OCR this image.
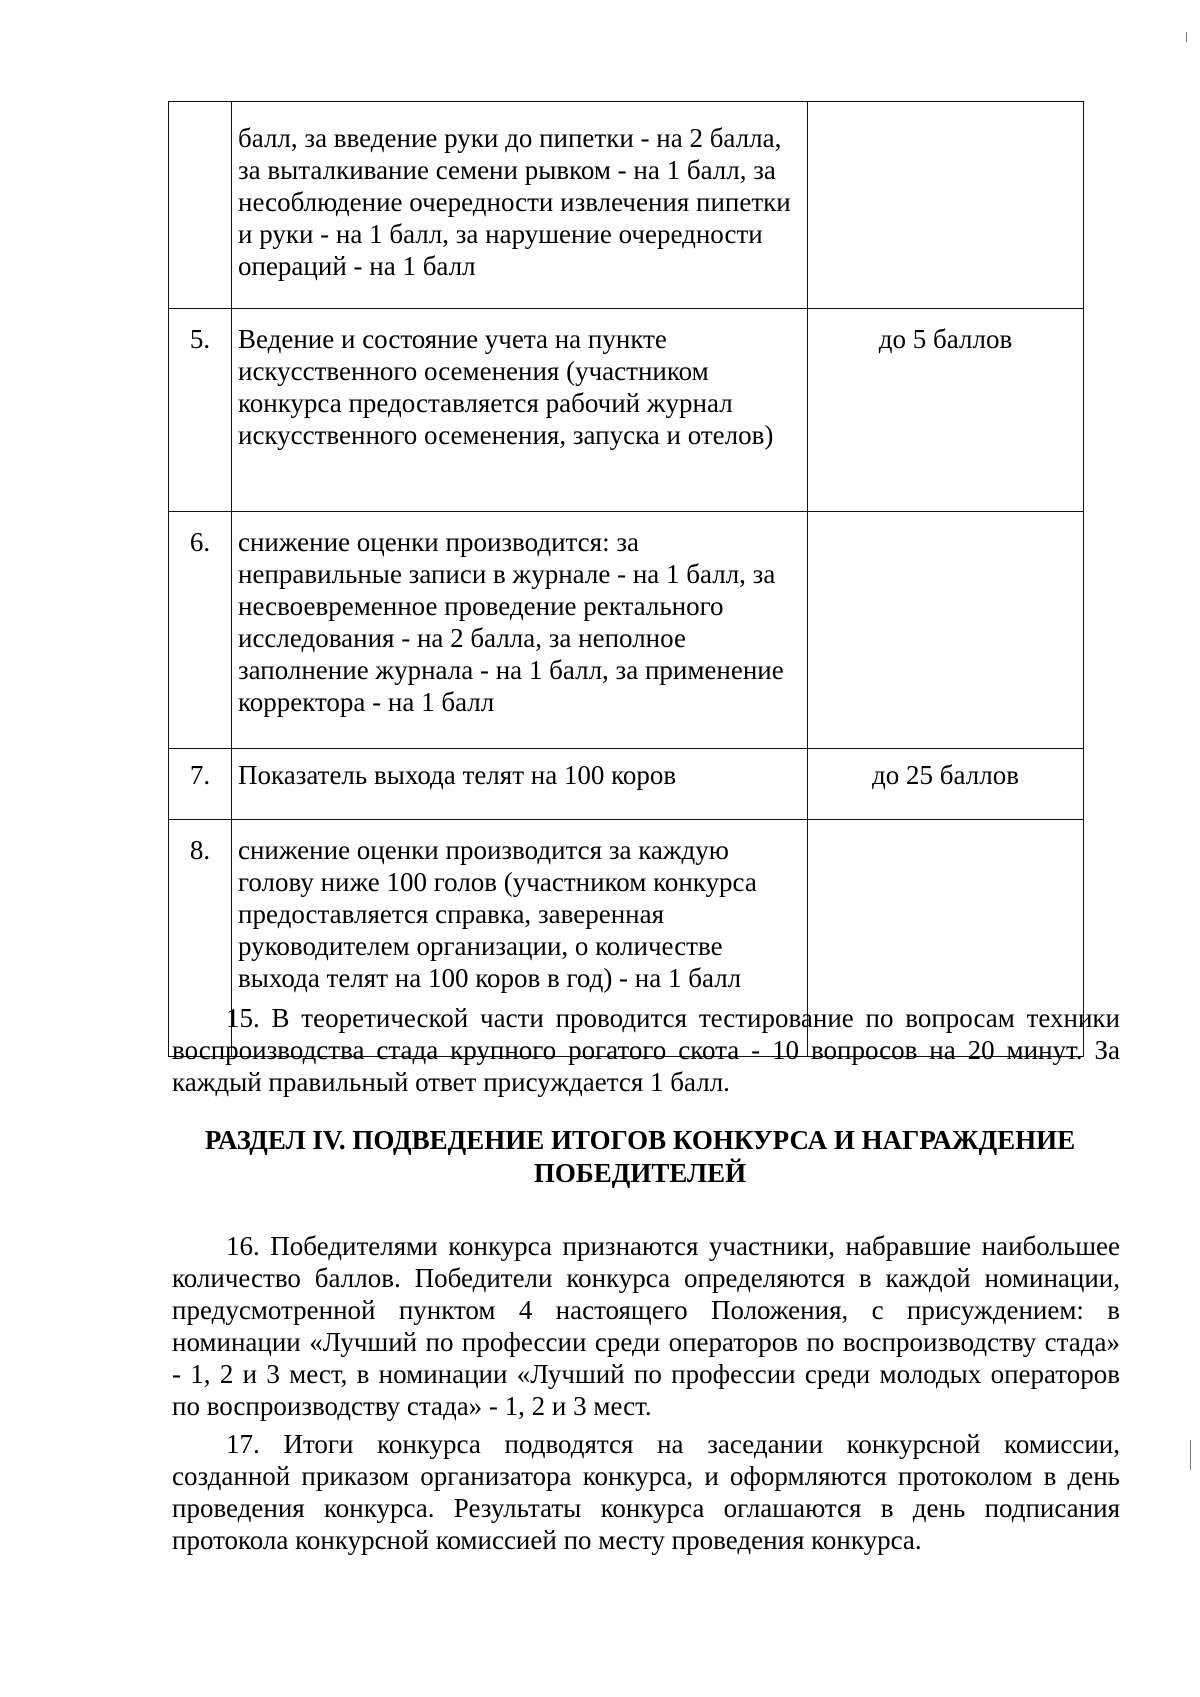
	балл, за введение руки до пипетки - на 2 балла, за выталкивание семени рывком - на 1 балл, за несоблюдение очередности извлечения пипетки и руки - на 1 балл, за нарушение очередности операций - на 1 балл	
5.	Ведение и состояние учета на пункте искусственного осеменения (участником конкурса предоставляется рабочий журнал искусственного осеменения, запуска и отелов)	до 5 баллов
6.	снижение оценки производится: за неправильные записи в журнале - на 1 балл, за несвоевременное проведение ректального исследования - на 2 балла, за неполное заполнение журнала - на 1 балл, за применение корректора - на 1 балл	
7.	Показатель выхода телят на 100 коров	до 25 баллов
8.	снижение оценки производится за каждую голову ниже 100 голов (участником конкурса предоставляется справка, заверенная руководителем организации, о количестве выхода телят на 100 коров в год) - на 1 балл	

15. В теоретической части проводится тестирование по вопросам техники воспроизводства стада крупного рогатого скота - 10 вопросов на 20 минут. За каждый правильный ответ присуждается 1 балл.

РАЗДЕЛ IV. ПОДВЕДЕНИЕ ИТОГОВ КОНКУРСА И НАГРАЖДЕНИЕ ПОБЕДИТЕЛЕЙ

16. Победителями конкурса признаются участники, набравшие наибольшее количество баллов. Победители конкурса определяются в каждой номинации, предусмотренной пунктом 4 настоящего Положения, с присуждением: в номинации «Лучший по профессии среди операторов по воспроизводству стада» - 1, 2 и 3 мест, в номинации «Лучший по профессии среди молодых операторов по воспроизводству стада» - 1, 2 и 3 мест.

17. Итоги конкурса подводятся на заседании конкурсной комиссии, созданной приказом организатора конкурса, и оформляются протоколом в день проведения конкурса. Результаты конкурса оглашаются в день подписания протокола конкурсной комиссией по месту проведения конкурса.
